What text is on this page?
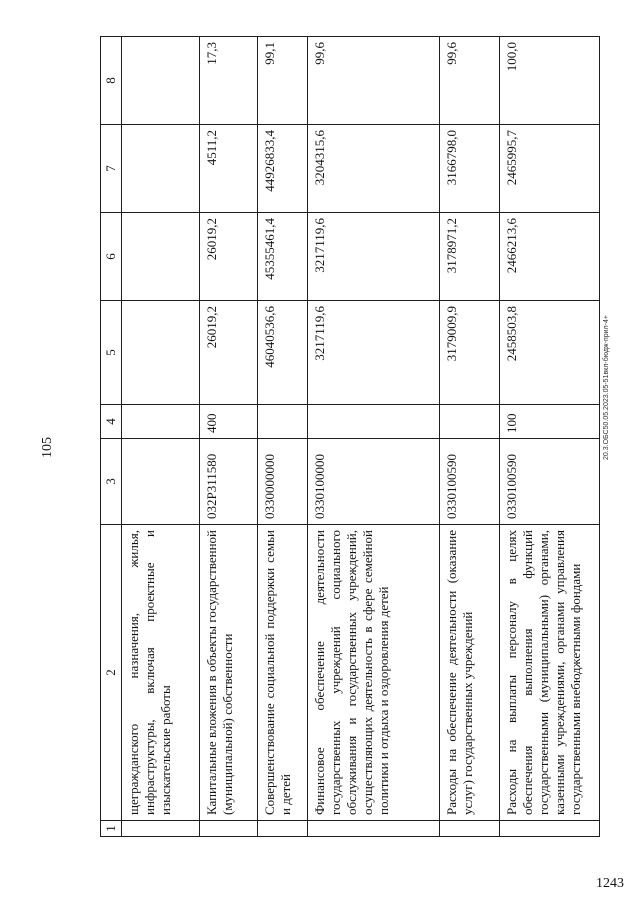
105	20.3.ОБС50.05.2023.05-51вкл-бюдж-прил-4+
1243
1	2	3	4	5	6	7	8
	щегражданского назначения, жилья, инфраструктуры, включая проектные и изыскательские работы						
	Капитальные вложения в объекты государственной (муниципальной) собственности	032Р311580	400	26019,2	26019,2	4511,2	17,3
	Совершенствование социальной поддержки семьи и детей	0330000000		46040536,6	45355461,4	44926833,4	99,1
	Финансовое обеспечение деятельности государственных учреждений социального обслуживания и государственных учреждений, осуществляющих деятельность в сфере семейной политики и отдыха и оздоровления детей	0330100000		3217119,6	3217119,6	3204315,6	99,6
	Расходы на обеспечение деятельности (оказание услуг) государственных учреждений	0330100590		3179009,9	3178971,2	3166798,0	99,6
	Расходы на выплаты персоналу в целях обеспечения выполнения функций государственными (муниципальными) органами, казенными учреждениями, органами управления государственными внебюджетными фондами	0330100590	100	2458503,8	2466213,6	2465995,7	100,0
